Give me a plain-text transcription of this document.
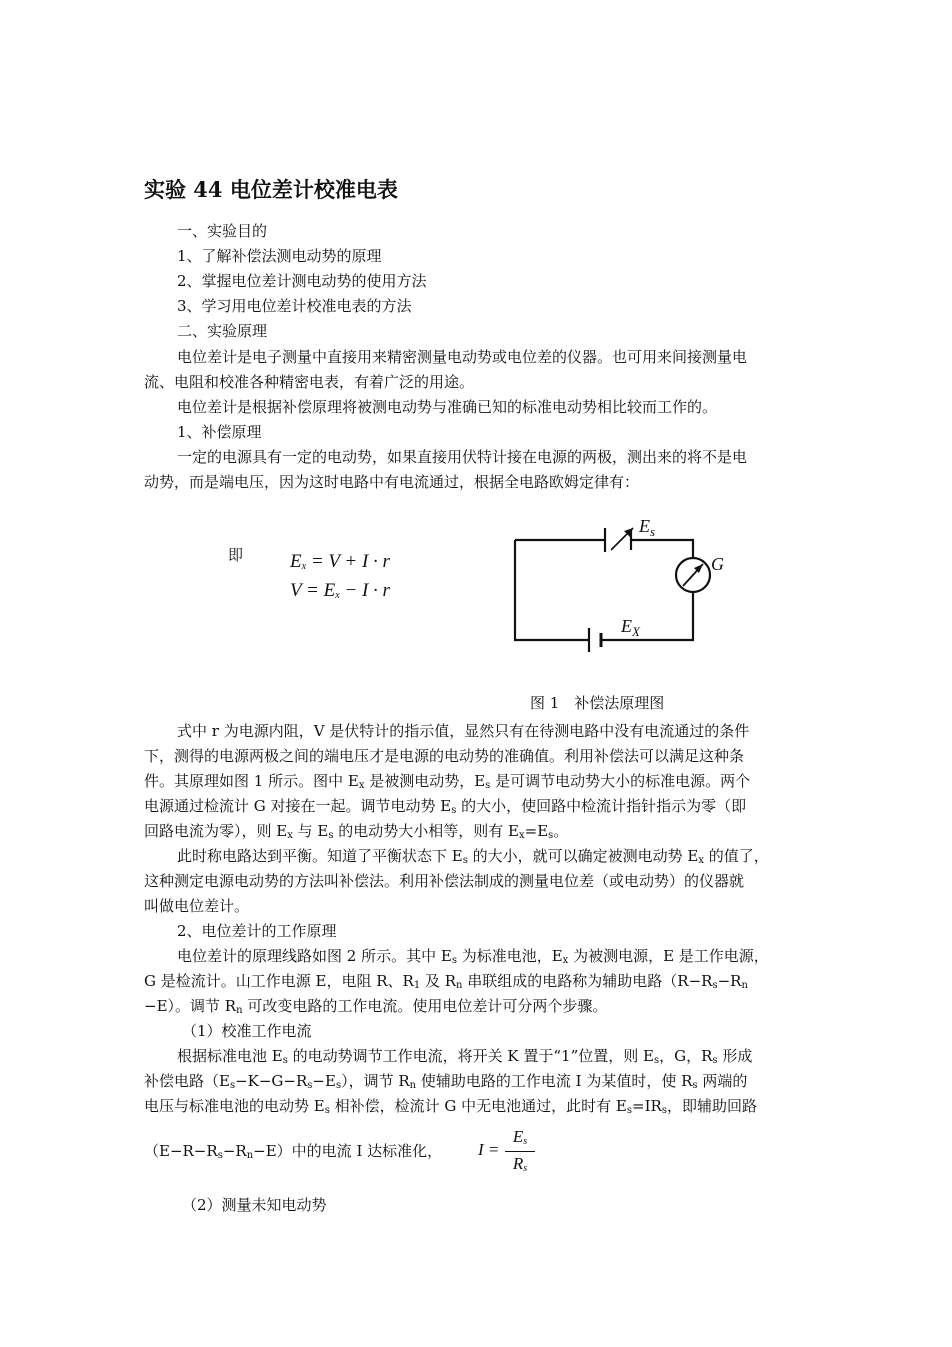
实验 44 电位差计校准电表
一、实验目的
1、了解补偿法测电动势的原理
2、掌握电位差计测电动势的使用方法
3、学习用电位差计校准电表的方法
二、实验原理
电位差计是电子测量中直接用来精密测量电动势或电位差的仪器。也可用来间接测量电
流、电阻和校准各种精密电表，有着广泛的用途。
电位差计是根据补偿原理将被测电动势与准确已知的标准电动势相比较而工作的。
1、补偿原理
一定的电源具有一定的电动势，如果直接用伏特计接在电源的两极，测出来的将不是电
动势，而是端电压，因为这时电路中有电流通过，根据全电路欧姆定律有：
即 $E_x = V + I \cdot r$
$V = E_x - I \cdot r$
$E_s$
G
$E_X$
图 1　补偿法原理图
式中 r 为电源内阻，V 是伏特计的指示值，显然只有在待测电路中没有电流通过的条件
下，测得的电源两极之间的端电压才是电源的电动势的准确值。利用补偿法可以满足这种条
件。其原理如图 1 所示。图中 $E_x$ 是被测电动势，$E_s$ 是可调节电动势大小的标准电源。两个
电源通过检流计 G 对接在一起。调节电动势 $E_s$ 的大小，使回路中检流计指针指示为零（即
回路电流为零），则 $E_x$ 与 $E_s$ 的电动势大小相等，则有 $E_x=E_s$。
此时称电路达到平衡。知道了平衡状态下 $E_s$ 的大小，就可以确定被测电动势 $E_x$ 的值了，
这种测定电源电动势的方法叫补偿法。利用补偿法制成的测量电位差（或电动势）的仪器就
叫做电位差计。
2、电位差计的工作原理
电位差计的原理线路如图 2 所示。其中 $E_s$ 为标准电池，$E_x$ 为被测电源，E 是工作电源，
G 是检流计。山工作电源 E，电阻 R、$R_1$ 及 $R_n$ 串联组成的电路称为辅助电路（$R-R_s-R_n$
−E）。调节 $R_n$ 可改变电路的工作电流。使用电位差计可分两个步骤。
（1）校准工作电流
根据标准电池 $E_s$ 的电动势调节工作电流，将开关 K 置于“1”位置，则 $E_s$，G，$R_s$ 形成
补偿电路$(E_s-K-G-R_s-E_s)$，调节 $R_n$ 使辅助电路的工作电流 I 为某值时，使 $R_s$ 两端的
电压与标准电池的电动势 $E_s$ 相补偿，检流计 G 中无电池通过，此时有 $E_s=IR_s$，即辅助回路
$(E-R-R_s-R_n-E)$中的电流 I 达标准化， I =
$E_s$
$R_s$
（2）测量未知电动势
